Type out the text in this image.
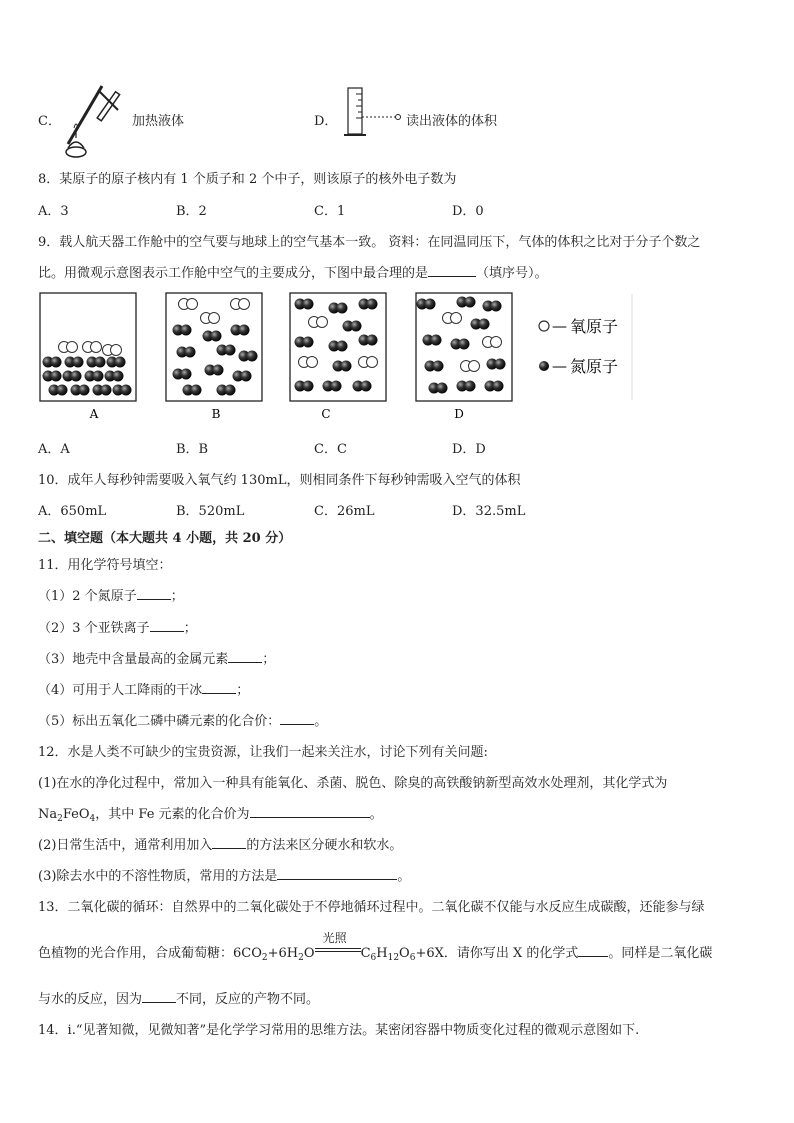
C．	加热液体	D．	读出液体的体积
8．某原子的原子核内有 1 个质子和 2 个中子，则该原子的核外电子数为
A．3	B．2	C．1	D．0
9．载人航天器工作舱中的空气要与地球上的空气基本一致。 资料：在同温同压下，气体的体积之比对于分子个数之
比。用微观示意图表示工作舱中空气的主要成分，下图中最合理的是	（填序号）。
A	B	C	D
— 氧原子
— 氮原子
A．A	B．B	C．C	D．D
10．成年人每秒钟需要吸入氧气约 130mL，则相同条件下每秒钟需吸入空气的体积
A．650mL	B．520mL	C．26mL	D．32.5mL
二、填空题（本大题共 4 小题，共 20 分）
11．用化学符号填空：
（1）2 个氮原子	；
（2）3 个亚铁离子	；
（3）地壳中含量最高的金属元素	；
（4）可用于人工降雨的干冰	；
（5）标出五氧化二磷中磷元素的化合价：	。
12．水是人类不可缺少的宝贵资源，让我们一起来关注水，讨论下列有关问题:
(1)在水的净化过程中，常加入一种具有能氧化、杀菌、脱色、除臭的高铁酸钠新型高效水处理剂，其化学式为
$Na_2FeO_4$，其中 Fe 元素的化合价为	。
(2)日常生活中，通常利用加入	的方法来区分硬水和软水。
(3)除去水中的不溶性物质，常用的方法是	。
13．二氧化碳的循环：自然界中的二氧化碳处于不停地循环过程中。二氧化碳不仅能与水反应生成碳酸，还能参与绿
色植物的光合作用，合成葡萄糖：$6CO_2+6H_2O$
光照
$C_6H_{12}O_6+6X$．请你写出 X 的化学式 。同样是二氧化碳
与水的反应，因为	不同，反应的产物不同。
14．ⅰ.“见著知微，见微知著”是化学学习常用的思维方法。某密闭容器中物质变化过程的微观示意图如下.
